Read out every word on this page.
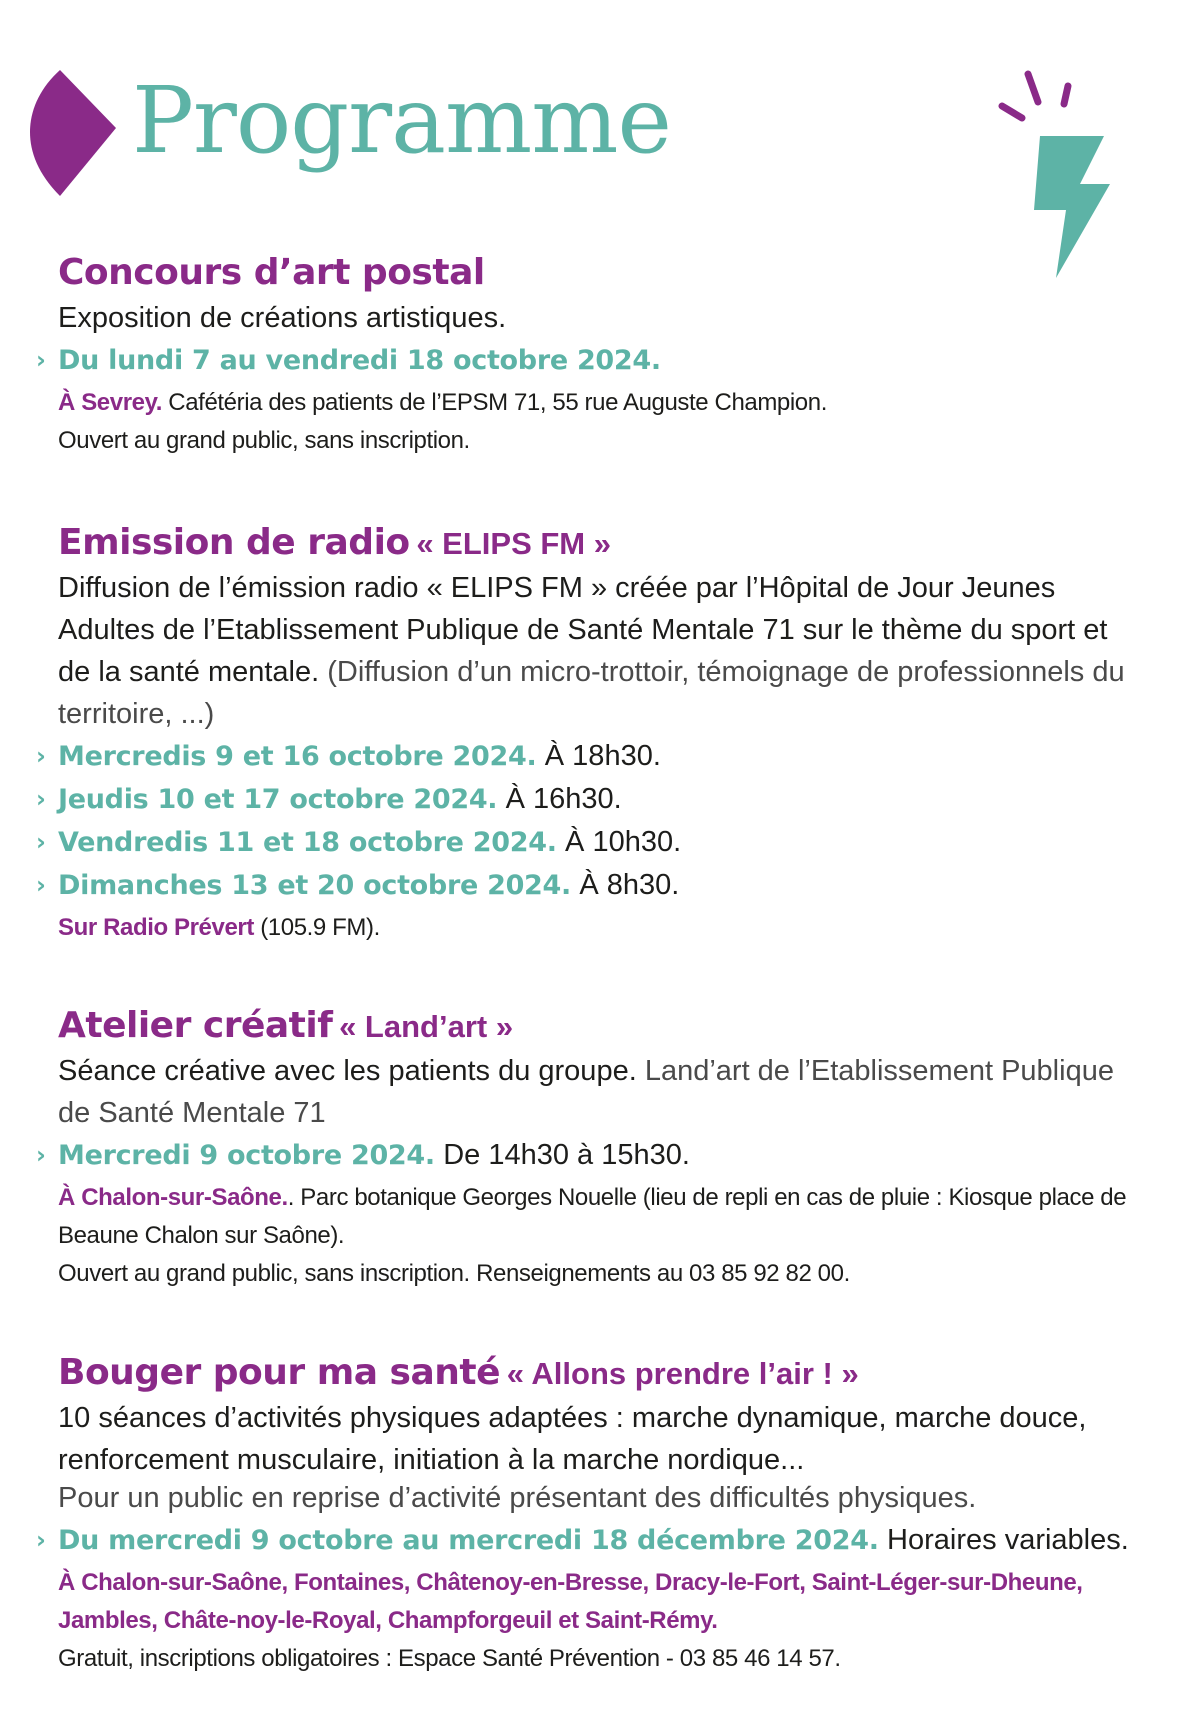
Programme
Concours d’art postal

Exposition de créations artistiques.

› Du lundi 7 au vendredi 18 octobre 2024.

À Sevrey. Cafétéria des patients de l’EPSM 71, 55 rue Auguste Champion.

Ouvert au grand public, sans inscription.

Emission de radio « ELIPS FM »

Diffusion de l’émission radio « ELIPS FM » créée par l’Hôpital de Jour Jeunes Adultes de l’Etablissement Publique de Santé Mentale 71 sur le thème du sport et de la santé mentale. (Diffusion d’un micro-trottoir, témoignage de professionnels du territoire, ...)

› Mercredis 9 et 16 octobre 2024. À 18h30.

› Jeudis 10 et 17 octobre 2024. À 16h30.

› Vendredis 11 et 18 octobre 2024. À 10h30.

› Dimanches 13 et 20 octobre 2024. À 8h30.

Sur Radio Prévert (105.9 FM).

Atelier créatif « Land’art »

Séance créative avec les patients du groupe. Land’art de l’Etablissement Publique de Santé Mentale 71

› Mercredi 9 octobre 2024. De 14h30 à 15h30.

À Chalon-sur-Saône.. Parc botanique Georges Nouelle (lieu de repli en cas de pluie : Kiosque place de Beaune Chalon sur Saône).

Ouvert au grand public, sans inscription. Renseignements au 03 85 92 82 00.

Bouger pour ma santé « Allons prendre l’air ! »

10 séances d’activités physiques adaptées : marche dynamique, marche douce, renforcement musculaire, initiation à la marche nordique...

Pour un public en reprise d’activité présentant des difficultés physiques.

› Du mercredi 9 octobre au mercredi 18 décembre 2024. Horaires variables.

À Chalon-sur-Saône, Fontaines, Châtenoy-en-Bresse, Dracy-le-Fort, Saint-Léger-sur-Dheune, Jambles, Châte-noy-le-Royal, Champforgeuil et Saint-Rémy.

Gratuit, inscriptions obligatoires : Espace Santé Prévention - 03 85 46 14 57.
